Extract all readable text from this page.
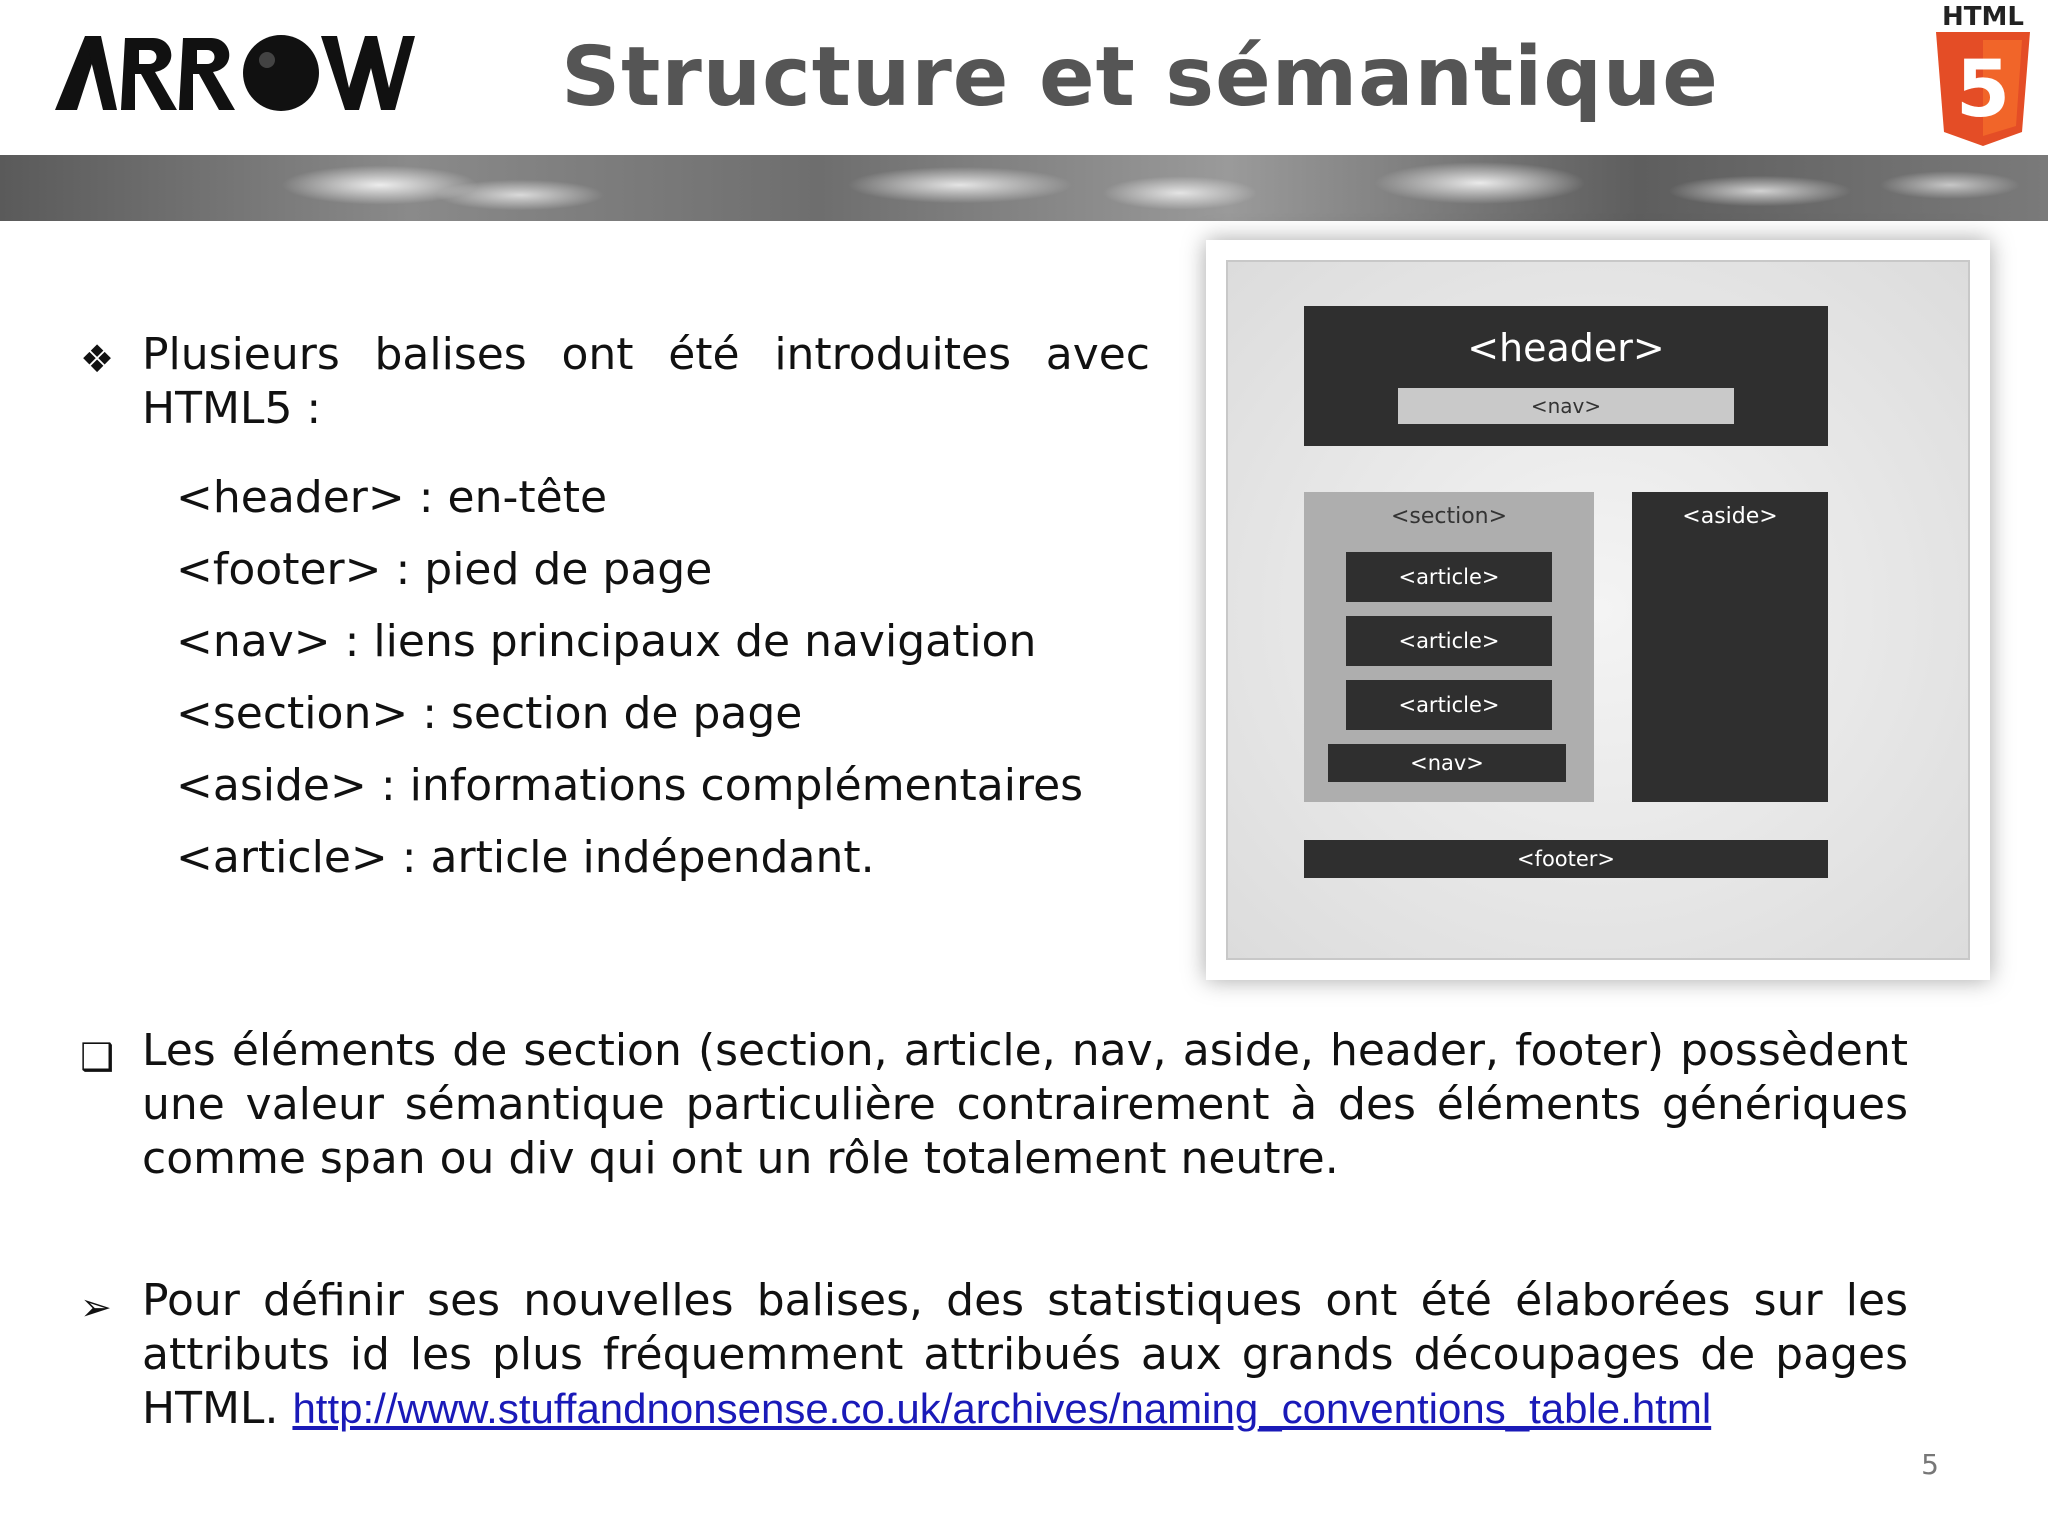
Structure et sémantique
HTML
5
❖ Plusieurs balises ont été introduites avec HTML5 :
<header> : en-tête
<footer> : pied de page
<nav> : liens principaux de navigation
<section> : section de page
<aside> : informations complémentaires
<article> : article indépendant.
<header>
<nav>
<section>
<article>
<article>
<article>
<nav>
<aside>
<footer>
❑ Les éléments de section (section, article, nav, aside, header, footer) possèdent une valeur sémantique particulière contrairement à des éléments génériques comme span ou div qui ont un rôle totalement neutre.
➢ Pour définir ses nouvelles balises, des statistiques ont été élaborées sur les attributs id les plus fréquemment attribués aux grands découpages de pages HTML. http://www.stuffandnonsense.co.uk/archives/naming_conventions_table.html
5
